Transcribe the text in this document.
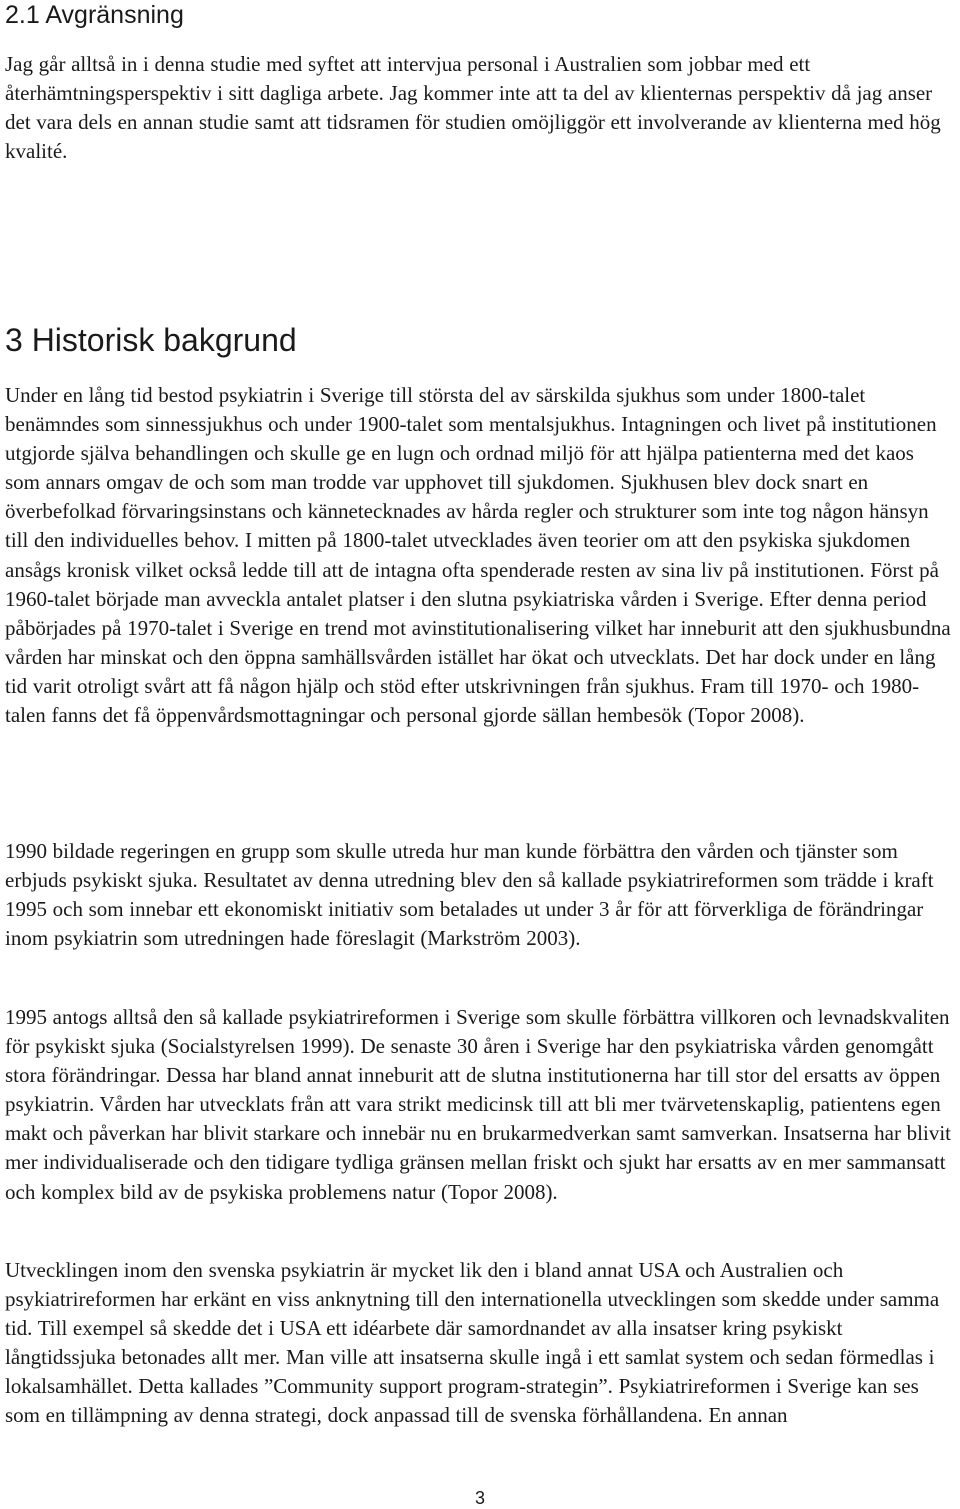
2.1 Avgränsning

Jag går alltså in i denna studie med syftet att intervjua personal i Australien som jobbar med ett återhämtningsperspektiv i sitt dagliga arbete. Jag kommer inte att ta del av klienternas perspektiv då jag anser det vara dels en annan studie samt att tidsramen för studien omöjliggör ett involverande av klienterna med hög kvalité.

3 Historisk bakgrund

Under en lång tid bestod psykiatrin i Sverige till största del av särskilda sjukhus som under 1800-talet benämndes som sinnessjukhus och under 1900-talet som mentalsjukhus. Intagningen och livet på institutionen utgjorde själva behandlingen och skulle ge en lugn och ordnad miljö för att hjälpa patienterna med det kaos som annars omgav de och som man trodde var upphovet till sjukdomen. Sjukhusen blev dock snart en överbefolkad förvaringsinstans och kännetecknades av hårda regler och strukturer som inte tog någon hänsyn till den individuelles behov. I mitten på 1800-talet utvecklades även teorier om att den psykiska sjukdomen ansågs kronisk vilket också ledde till att de intagna ofta spenderade resten av sina liv på institutionen. Först på 1960-talet började man avveckla antalet platser i den slutna psykiatriska vården i Sverige. Efter denna period påbörjades på 1970-talet i Sverige en trend mot avinstitutionalisering vilket har inneburit att den sjukhusbundna vården har minskat och den öppna samhällsvården istället har ökat och utvecklats. Det har dock under en lång tid varit otroligt svårt att få någon hjälp och stöd efter utskrivningen från sjukhus. Fram till 1970- och 1980-talen fanns det få öppenvårdsmottagningar och personal gjorde sällan hembesök (Topor 2008).

1990 bildade regeringen en grupp som skulle utreda hur man kunde förbättra den vården och tjänster som erbjuds psykiskt sjuka. Resultatet av denna utredning blev den så kallade psykiatrireformen som trädde i kraft 1995 och som innebar ett ekonomiskt initiativ som betalades ut under 3 år för att förverkliga de förändringar inom psykiatrin som utredningen hade föreslagit (Markström 2003).

1995 antogs alltså den så kallade psykiatrireformen i Sverige som skulle förbättra villkoren och levnadskvaliten för psykiskt sjuka (Socialstyrelsen 1999). De senaste 30 åren i Sverige har den psykiatriska vården genomgått stora förändringar. Dessa har bland annat inneburit att de slutna institutionerna har till stor del ersatts av öppen psykiatrin. Vården har utvecklats från att vara strikt medicinsk till att bli mer tvärvetenskaplig, patientens egen makt och påverkan har blivit starkare och innebär nu en brukarmedverkan samt samverkan. Insatserna har blivit mer individualiserade och den tidigare tydliga gränsen mellan friskt och sjukt har ersatts av en mer sammansatt och komplex bild av de psykiska problemens natur (Topor 2008).

Utvecklingen inom den svenska psykiatrin är mycket lik den i bland annat USA och Australien och psykiatrireformen har erkänt en viss anknytning till den internationella utvecklingen som skedde under samma tid. Till exempel så skedde det i USA ett idéarbete där samordnandet av alla insatser kring psykiskt långtidssjuka betonades allt mer. Man ville att insatserna skulle ingå i ett samlat system och sedan förmedlas i lokalsamhället. Detta kallades ”Community support program-strategin”. Psykiatrireformen i Sverige kan ses som en tillämpning av denna strategi, dock anpassad till de svenska förhållandena. En annan

3
